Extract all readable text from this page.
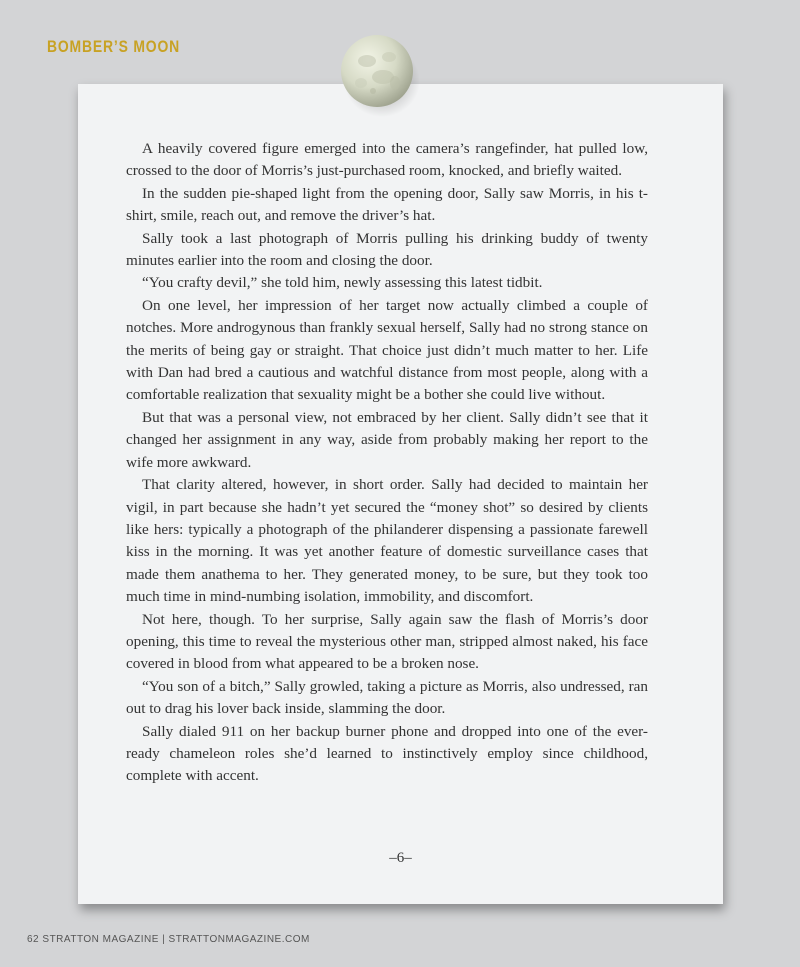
BOMBER’S MOON

A heavily covered figure emerged into the camera’s rangefinder, hat pulled low, crossed to the door of Morris’s just-purchased room, knocked, and briefly waited.

In the sudden pie-shaped light from the opening door, Sally saw Morris, in his t-shirt, smile, reach out, and remove the driver’s hat.

Sally took a last photograph of Morris pulling his drinking buddy of twenty minutes earlier into the room and closing the door.

“You crafty devil,” she told him, newly assessing this latest tidbit.

On one level, her impression of her target now actually climbed a couple of notches. More androgynous than frankly sexual herself, Sally had no strong stance on the merits of being gay or straight. That choice just didn’t much matter to her. Life with Dan had bred a cautious and watchful distance from most people, along with a comfortable realization that sexuality might be a bother she could live without.

But that was a personal view, not embraced by her client. Sally didn’t see that it changed her assignment in any way, aside from probably making her report to the wife more awkward.

That clarity altered, however, in short order. Sally had decided to maintain her vigil, in part because she hadn’t yet secured the “money shot” so desired by clients like hers: typically a photograph of the philanderer dispensing a passionate farewell kiss in the morning. It was yet another feature of domestic surveillance cases that made them anathema to her. They generated money, to be sure, but they took too much time in mind-numbing isolation, immobility, and discomfort.

Not here, though. To her surprise, Sally again saw the flash of Morris’s door opening, this time to reveal the mysterious other man, stripped almost naked, his face covered in blood from what appeared to be a broken nose.

“You son of a bitch,” Sally growled, taking a picture as Morris, also undressed, ran out to drag his lover back inside, slamming the door.

Sally dialed 911 on her backup burner phone and dropped into one of the ever-ready chameleon roles she’d learned to instinctively employ since childhood, complete with accent.

–6–
62 STRATTON MAGAZINE | STRATTONMAGAZINE.COM
